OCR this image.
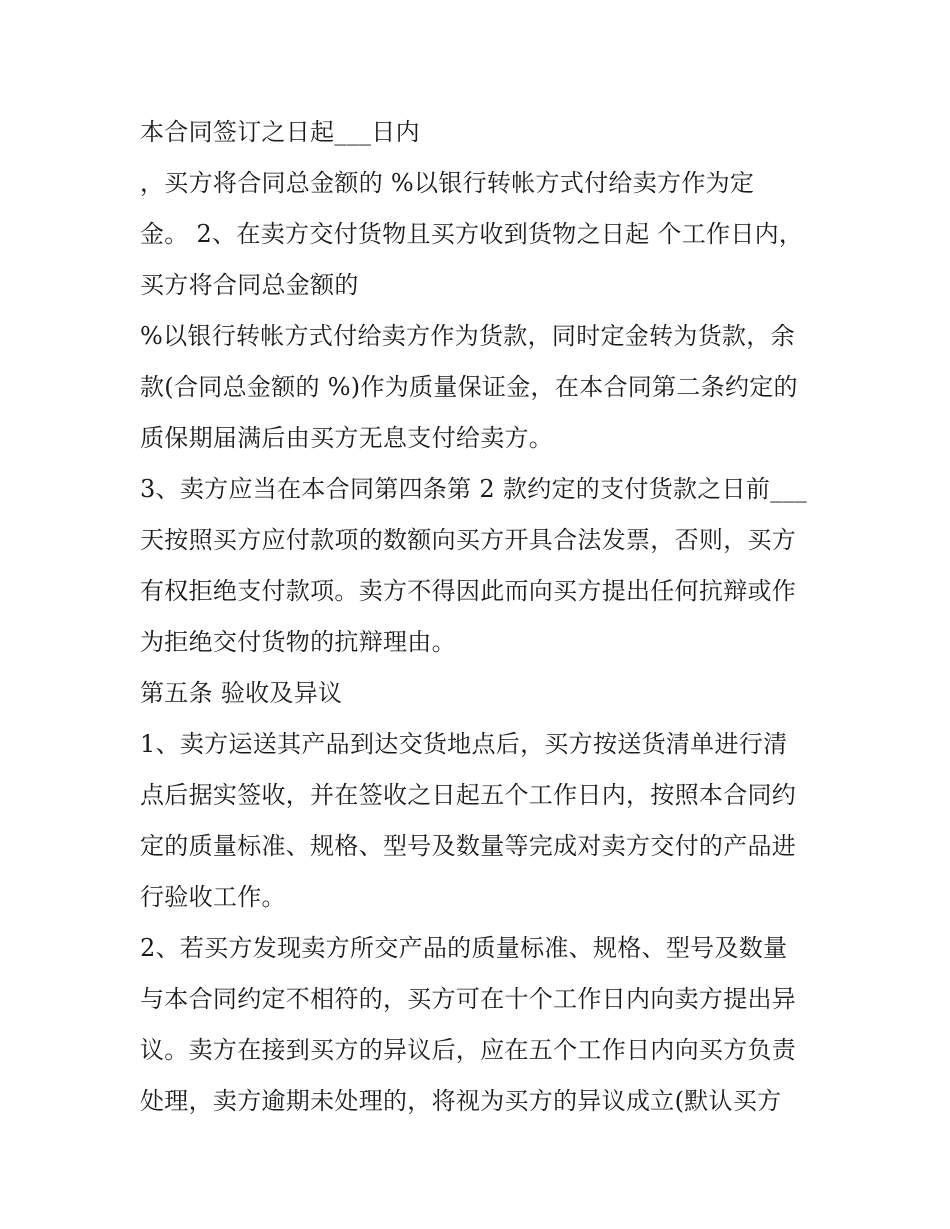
本合同签订之日起___日内
，买方将合同总金额的 %以银行转帐方式付给卖方作为定
金。 2、在卖方交付货物且买方收到货物之日起 个工作日内，
买方将合同总金额的
%以银行转帐方式付给卖方作为货款，同时定金转为货款，余
款(合同总金额的 %)作为质量保证金，在本合同第二条约定的
质保期届满后由买方无息支付给卖方。
3、卖方应当在本合同第四条第 2 款约定的支付货款之日前___
天按照买方应付款项的数额向买方开具合法发票，否则，买方
有权拒绝支付款项。卖方不得因此而向买方提出任何抗辩或作
为拒绝交付货物的抗辩理由。
第五条 验收及异议
1、卖方运送其产品到达交货地点后，买方按送货清单进行清
点后据实签收，并在签收之日起五个工作日内，按照本合同约
定的质量标准、规格、型号及数量等完成对卖方交付的产品进
行验收工作。
2、若买方发现卖方所交产品的质量标准、规格、型号及数量
与本合同约定不相符的，买方可在十个工作日内向卖方提出异
议。卖方在接到买方的异议后，应在五个工作日内向买方负责
处理，卖方逾期未处理的，将视为买方的异议成立(默认买方
